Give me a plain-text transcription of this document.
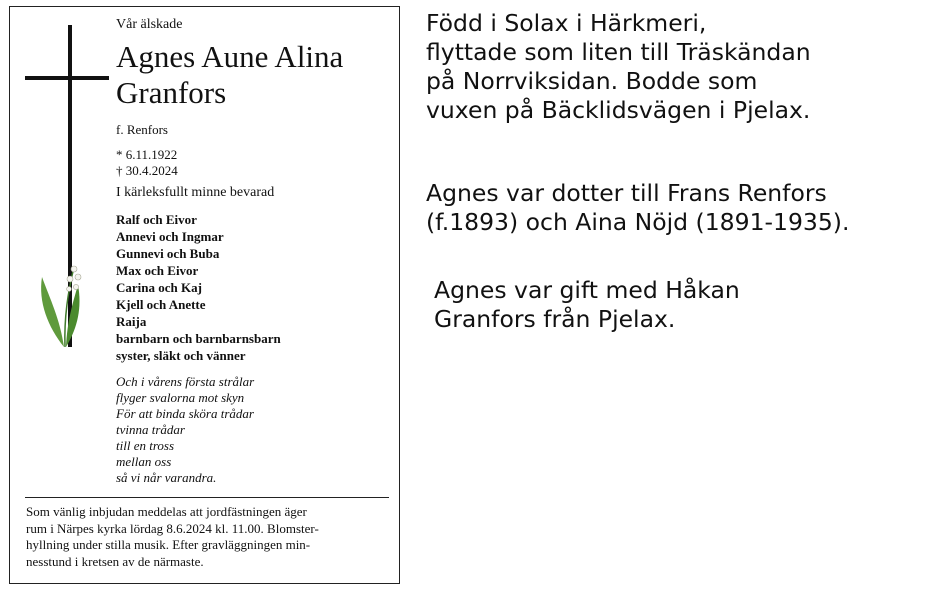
Vår älskade
Agnes Aune Alina
Granfors
f. Renfors
* 6.11.1922
† 30.4.2024
I kärleksfullt minne bevarad
Ralf och Eivor
Annevi och Ingmar
Gunnevi och Buba
Max och Eivor
Carina och Kaj
Kjell och Anette
Raija
barnbarn och barnbarnsbarn
syster, släkt och vänner
Och i vårens första strålar
flyger svalorna mot skyn
För att binda sköra trådar
tvinna trådar
till en tross
mellan oss
så vi når varandra.
Som vänlig inbjudan meddelas att jordfästningen äger
rum i Närpes kyrka lördag 8.6.2024 kl. 11.00. Blomster-
hyllning under stilla musik. Efter gravläggningen min-
nesstund i kretsen av de närmaste.
Född i Solax i Härkmeri,
flyttade som liten till Träskändan
på Norrviksidan. Bodde som
vuxen på Bäcklidsvägen i Pjelax.
Agnes var dotter till Frans Renfors
(f.1893) och Aina Nöjd (1891-1935).
Agnes var gift med Håkan
Granfors från Pjelax.
